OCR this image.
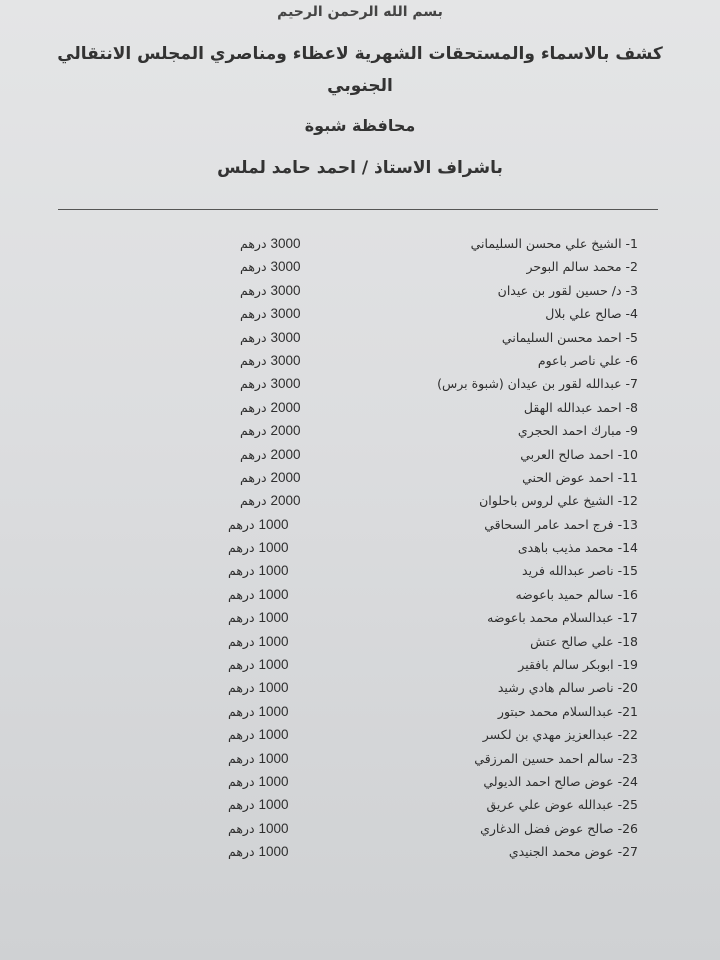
بسم الله الرحمن الرحيم
كشف بالاسماء والمستحقات الشهرية لاعظاء ومناصري المجلس الانتقالي الجنوبي
محافظة شبوة
باشراف الاستاذ / احمد حامد لملس
1- الشيخ علي محسن السليماني
3000 درهم
2- محمد سالم البوحر
3000 درهم
3- د/ حسين لقور بن عيدان
3000 درهم
4- صالح علي بلال
3000 درهم
5- احمد محسن السليماني
3000 درهم
6- علي ناصر باعوم
3000 درهم
7- عبدالله لقور بن عيدان (شبوة برس)
3000 درهم
8- احمد عبدالله الهقل
2000 درهم
9- مبارك احمد الحجري
2000 درهم
10- احمد صالح العربي
2000 درهم
11- احمد عوض الحني
2000 درهم
12- الشيخ علي لروس باحلوان
2000 درهم
13- فرج احمد عامر السحاقي
1000 درهم
14- محمد مذيب باهدى
1000 درهم
15- ناصر عبدالله فريد
1000 درهم
16- سالم حميد باعوضه
1000 درهم
17- عبدالسلام محمد باعوضه
1000 درهم
18- علي صالح عتش
1000 درهم
19- ابوبكر سالم بافقير
1000 درهم
20- ناصر سالم هادي رشيد
1000 درهم
21- عبدالسلام محمد حبتور
1000 درهم
22- عبدالعزيز مهدي بن لكسر
1000 درهم
23- سالم احمد حسين المرزقي
1000 درهم
24- عوض صالح احمد الديولي
1000 درهم
25- عبدالله عوض علي عريق
1000 درهم
26- صالح عوض فضل الدغاري
1000 درهم
27- عوض محمد الجنيدي
1000 درهم
